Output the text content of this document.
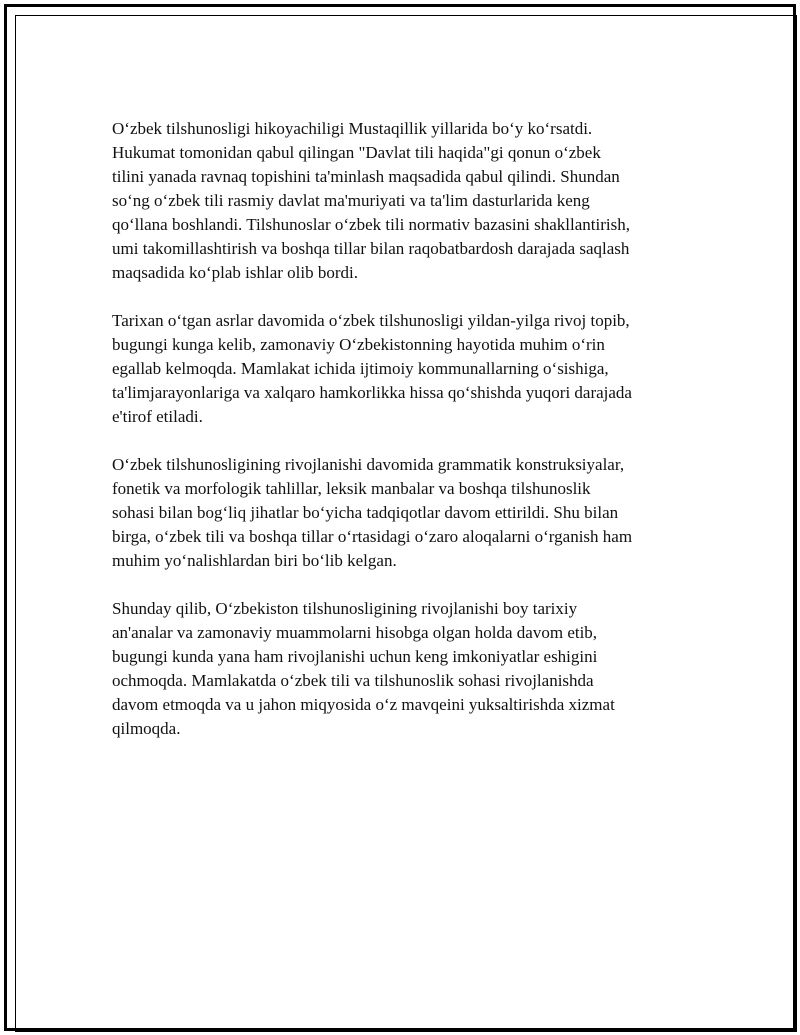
O‘zbek tilshunosligi hikoyachiligi Mustaqillik yillarida bo‘y ko‘rsatdi.
Hukumat tomonidan qabul qilingan "Davlat tili haqida"gi qonun o‘zbek
tilini yanada ravnaq topishini ta'minlash maqsadida qabul qilindi. Shundan
so‘ng o‘zbek tili rasmiy davlat ma'muriyati va ta'lim dasturlarida keng
qo‘llana boshlandi. Tilshunoslar o‘zbek tili normativ bazasini shakllantirish,
umi takomillashtirish va boshqa tillar bilan raqobatbardosh darajada saqlash
maqsadida ko‘plab ishlar olib bordi.

Tarixan o‘tgan asrlar davomida o‘zbek tilshunosligi yildan-yilga rivoj topib,
bugungi kunga kelib, zamonaviy O‘zbekistonning hayotida muhim o‘rin
egallab kelmoqda. Mamlakat ichida ijtimoiy kommunallarning o‘sishiga,
ta'limjarayonlariga va xalqaro hamkorlikka hissa qo‘shishda yuqori darajada
e'tirof etiladi.

O‘zbek tilshunosligining rivojlanishi davomida grammatik konstruksiyalar,
fonetik va morfologik tahlillar, leksik manbalar va boshqa tilshunoslik
sohasi bilan bog‘liq jihatlar bo‘yicha tadqiqotlar davom ettirildi. Shu bilan
birga, o‘zbek tili va boshqa tillar o‘rtasidagi o‘zaro aloqalarni o‘rganish ham
muhim yo‘nalishlardan biri bo‘lib kelgan.

Shunday qilib, O‘zbekiston tilshunosligining rivojlanishi boy tarixiy
an'analar va zamonaviy muammolarni hisobga olgan holda davom etib,
bugungi kunda yana ham rivojlanishi uchun keng imkoniyatlar eshigini
ochmoqda. Mamlakatda o‘zbek tili va tilshunoslik sohasi rivojlanishda
davom etmoqda va u jahon miqyosida o‘z mavqeini yuksaltirishda xizmat
qilmoqda.
